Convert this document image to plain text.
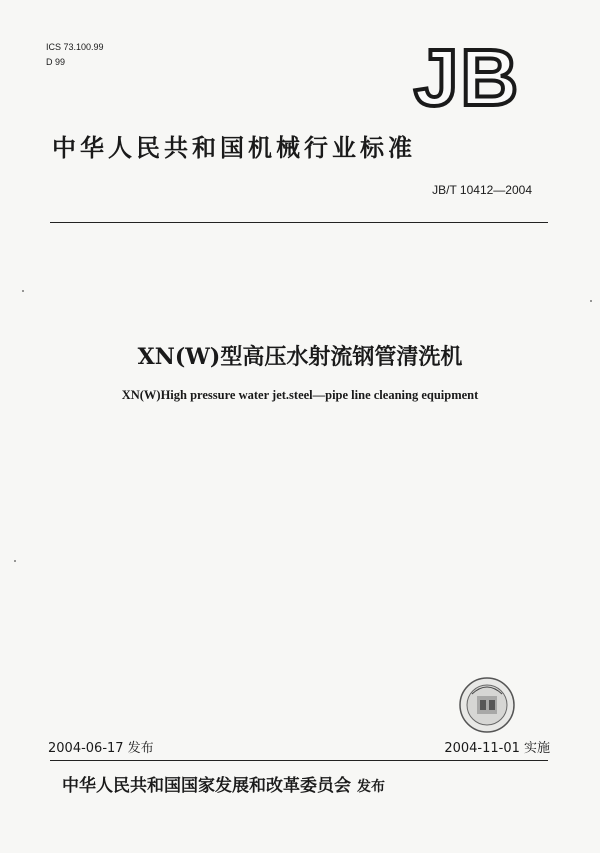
ICS 73.100.99
D 99	JB
中华人民共和国机械行业标准
JB/T 10412—2004
XN(W)型高压水射流钢管清洗机
XN(W)High pressure water jet.steel—pipe line cleaning equipment
2004-06-17 发布	2004-11-01 实施
中华人民共和国国家发展和改革委员会 发布
